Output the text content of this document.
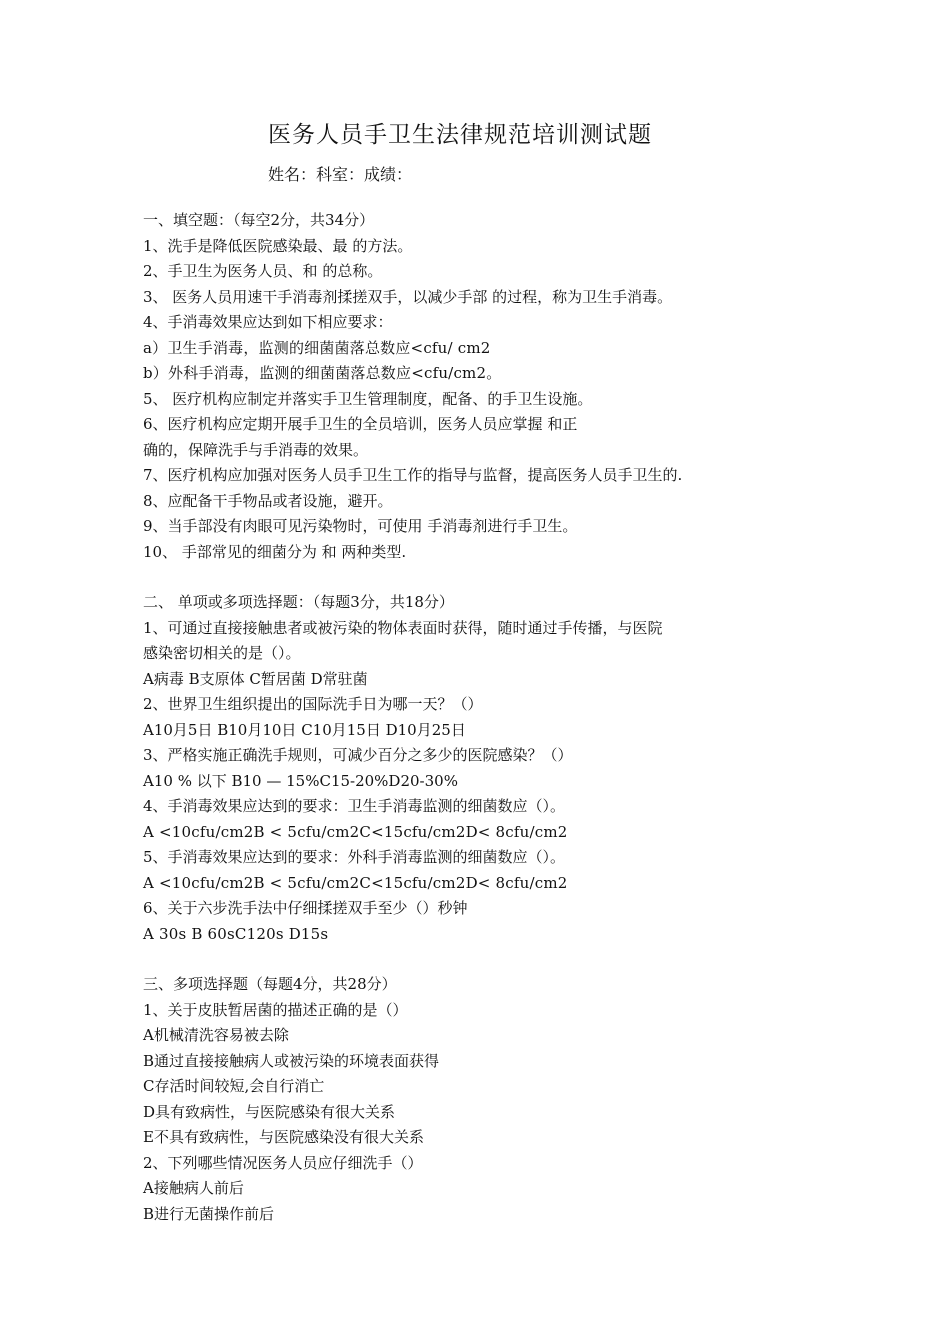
医务人员手卫生法律规范培训测试题
姓名：科室：成绩：
一、填空题：（每空2分，共34分）
1、洗手是降低医院感染最、最 的方法。
2、手卫生为医务人员、和 的总称。
3、 医务人员用速干手消毒剂揉搓双手，以减少手部 的过程，称为卫生手消毒。
4、手消毒效果应达到如下相应要求：
a）卫生手消毒，监测的细菌菌落总数应<cfu/ cm2
b）外科手消毒，监测的细菌菌落总数应<cfu/cm2。
5、 医疗机构应制定并落实手卫生管理制度，配备、的手卫生设施。
6、医疗机构应定期开展手卫生的全员培训，医务人员应掌握 和正
确的，保障洗手与手消毒的效果。
7、医疗机构应加强对医务人员手卫生工作的指导与监督，提高医务人员手卫生的.
8、应配备干手物品或者设施，避开。
9、当手部没有肉眼可见污染物时，可使用 手消毒剂进行手卫生。
10、 手部常见的细菌分为 和 两种类型.
二、 单项或多项选择题：（每题3分，共18分）
1、可通过直接接触患者或被污染的物体表面时获得，随时通过手传播，与医院
感染密切相关的是（）。
A病毒 B支原体 C暂居菌 D常驻菌
2、世界卫生组织提出的国际洗手日为哪一天？（）
A10月5日 B10月10日 C10月15日 D10月25日
3、严格实施正确洗手规则，可减少百分之多少的医院感染？（）
A10 % 以下 B10 — 15%C15-20%D20-30%
4、手消毒效果应达到的要求：卫生手消毒监测的细菌数应（）。
A <10cfu/cm2B < 5cfu/cm2C<15cfu/cm2D< 8cfu/cm2
5、手消毒效果应达到的要求：外科手消毒监测的细菌数应（）。
A <10cfu/cm2B < 5cfu/cm2C<15cfu/cm2D< 8cfu/cm2
6、关于六步洗手法中仔细揉搓双手至少（）秒钟
A 30s B 60sC120s D15s
三、多项选择题（每题4分，共28分）
1、关于皮肤暂居菌的描述正确的是（）
A机械清洗容易被去除
B通过直接接触病人或被污染的环境表面获得
C存活时间较短,会自行消亡
D具有致病性，与医院感染有很大关系
E不具有致病性，与医院感染没有很大关系
2、下列哪些情况医务人员应仔细洗手（）
A接触病人前后
B进行无菌操作前后
